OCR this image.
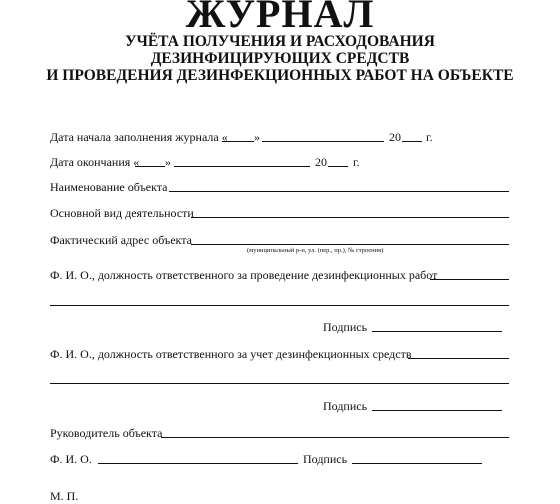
ЖУРНАЛ
УЧЁТА ПОЛУЧЕНИЯ И РАСХОДОВАНИЯ
ДЕЗИНФИЦИРУЮЩИХ СРЕДСТВ
И ПРОВЕДЕНИЯ ДЕЗИНФЕКЦИОННЫХ РАБОТ НА ОБЪЕКТЕ
Дата начала заполнения журнала « »	20 г.
Дата окончания « »	20 г.
Наименование объекта
Основной вид деятельности
Фактический адрес объекта
(муниципальный р-н, ул. (пер., пр.), № строения)
Ф. И. О., должность ответственного за проведение дезинфекционных работ
Подпись
Ф. И. О., должность ответственного за учет дезинфекционных средств
Подпись
Руководитель объекта
Ф. И. О.	Подпись
М. П.
